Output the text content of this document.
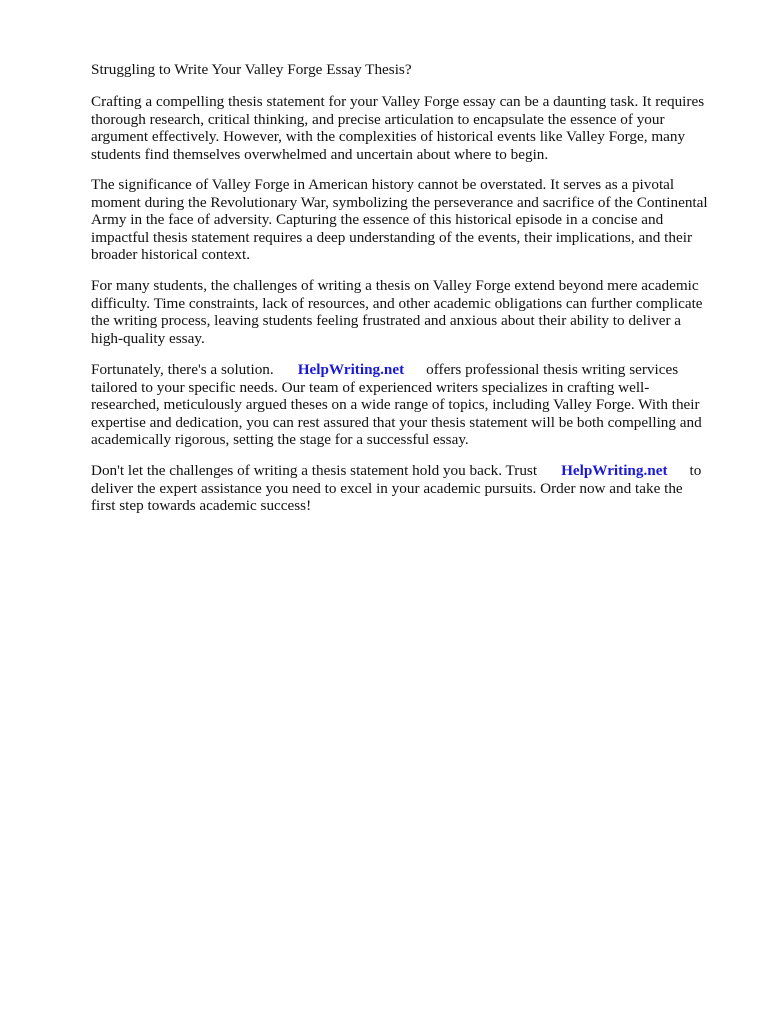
Struggling to Write Your Valley Forge Essay Thesis?
Crafting a compelling thesis statement for your Valley Forge essay can be a daunting task. It requires
thorough research, critical thinking, and precise articulation to encapsulate the essence of your
argument effectively. However, with the complexities of historical events like Valley Forge, many
students find themselves overwhelmed and uncertain about where to begin.
The significance of Valley Forge in American history cannot be overstated. It serves as a pivotal
moment during the Revolutionary War, symbolizing the perseverance and sacrifice of the Continental
Army in the face of adversity. Capturing the essence of this historical episode in a concise and
impactful thesis statement requires a deep understanding of the events, their implications, and their
broader historical context.
For many students, the challenges of writing a thesis on Valley Forge extend beyond mere academic
difficulty. Time constraints, lack of resources, and other academic obligations can further complicate
the writing process, leaving students feeling frustrated and anxious about their ability to deliver a
high-quality essay.
Fortunately, there's a solution. HelpWriting.net offers professional thesis writing services
tailored to your specific needs. Our team of experienced writers specializes in crafting well-
researched, meticulously argued theses on a wide range of topics, including Valley Forge. With their
expertise and dedication, you can rest assured that your thesis statement will be both compelling and
academically rigorous, setting the stage for a successful essay.
Don't let the challenges of writing a thesis statement hold you back. Trust HelpWriting.net to
deliver the expert assistance you need to excel in your academic pursuits. Order now and take the
first step towards academic success!
